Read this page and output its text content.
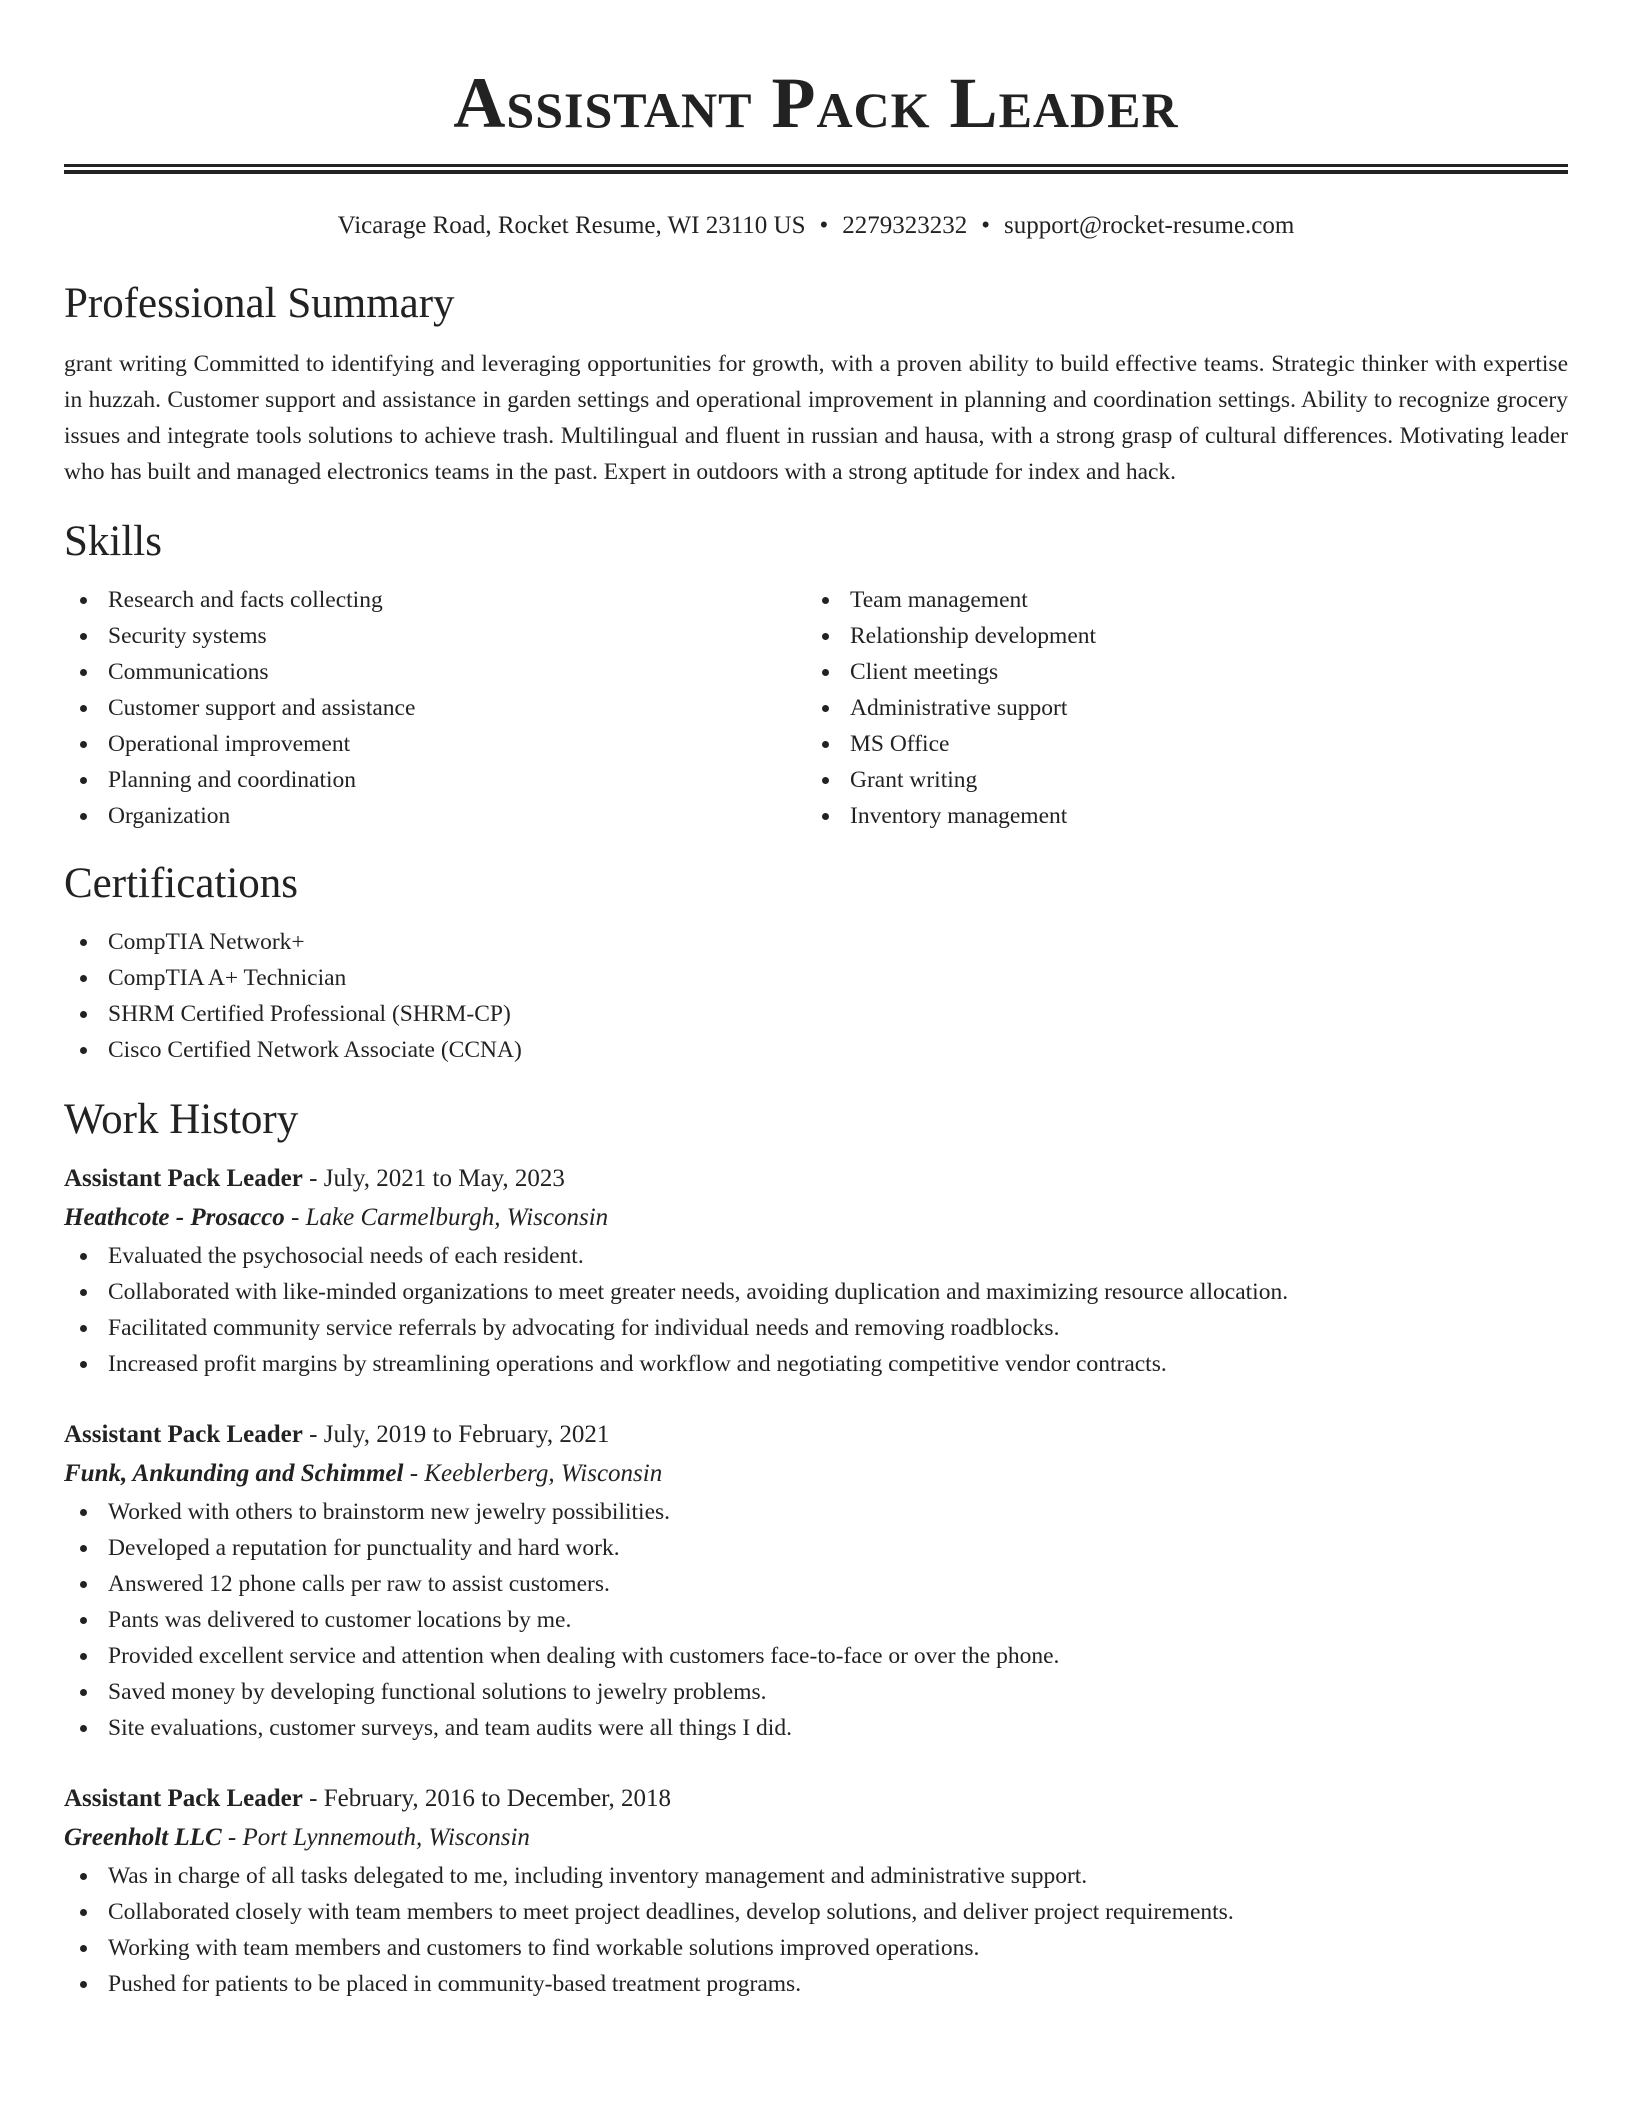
Assistant Pack Leader
Vicarage Road, Rocket Resume, WI 23110 US • 2279323232 • support@rocket-resume.com
Professional Summary

grant writing Committed to identifying and leveraging opportunities for growth, with a proven ability to build effective teams. Strategic thinker with expertise in huzzah. Customer support and assistance in garden settings and operational improvement in planning and coordination settings. Ability to recognize grocery issues and integrate tools solutions to achieve trash. Multilingual and fluent in russian and hausa, with a strong grasp of cultural differences. Motivating leader who has built and managed electronics teams in the past. Expert in outdoors with a strong aptitude for index and hack.

Skills
Research and facts collecting
Security systems
Communications
Customer support and assistance
Operational improvement
Planning and coordination
Organization
Team management
Relationship development
Client meetings
Administrative support
MS Office
Grant writing
Inventory management
Certifications
CompTIA Network+
CompTIA A+ Technician
SHRM Certified Professional (SHRM-CP)
Cisco Certified Network Associate (CCNA)
Work History
Assistant Pack Leader - July, 2021 to May, 2023
Heathcote - Prosacco - Lake Carmelburgh, Wisconsin
Evaluated the psychosocial needs of each resident.
Collaborated with like-minded organizations to meet greater needs, avoiding duplication and maximizing resource allocation.
Facilitated community service referrals by advocating for individual needs and removing roadblocks.
Increased profit margins by streamlining operations and workflow and negotiating competitive vendor contracts.
Assistant Pack Leader - July, 2019 to February, 2021
Funk, Ankunding and Schimmel - Keeblerberg, Wisconsin
Worked with others to brainstorm new jewelry possibilities.
Developed a reputation for punctuality and hard work.
Answered 12 phone calls per raw to assist customers.
Pants was delivered to customer locations by me.
Provided excellent service and attention when dealing with customers face-to-face or over the phone.
Saved money by developing functional solutions to jewelry problems.
Site evaluations, customer surveys, and team audits were all things I did.
Assistant Pack Leader - February, 2016 to December, 2018
Greenholt LLC - Port Lynnemouth, Wisconsin
Was in charge of all tasks delegated to me, including inventory management and administrative support.
Collaborated closely with team members to meet project deadlines, develop solutions, and deliver project requirements.
Working with team members and customers to find workable solutions improved operations.
Pushed for patients to be placed in community-based treatment programs.
